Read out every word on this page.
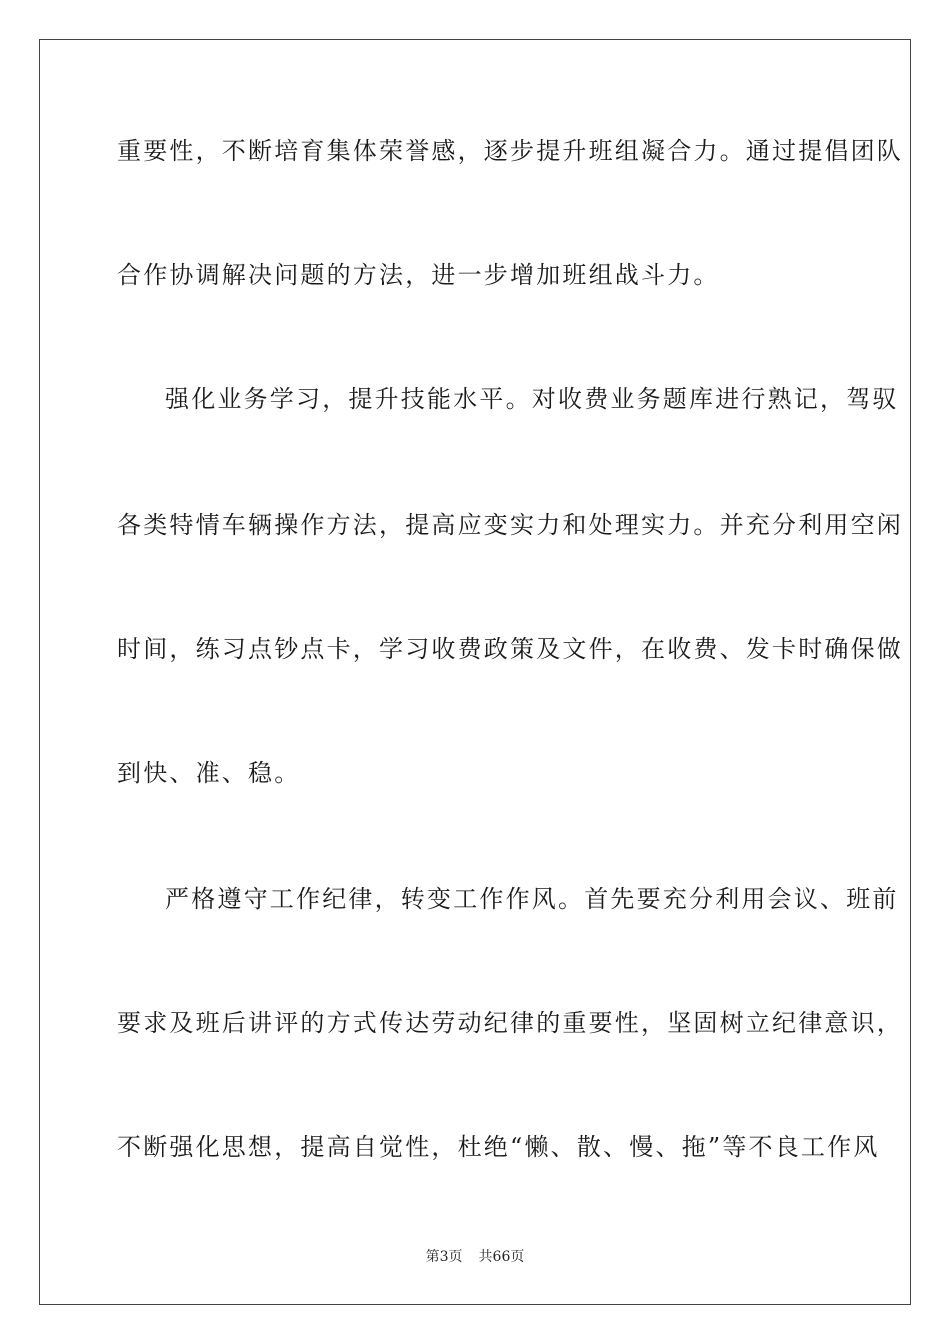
重要性，不断培育集体荣誉感，逐步提升班组凝合力。通过提倡团队
合作协调解决问题的方法，进一步增加班组战斗力。
强化业务学习，提升技能水平。对收费业务题库进行熟记，驾驭
各类特情车辆操作方法，提高应变实力和处理实力。并充分利用空闲
时间，练习点钞点卡，学习收费政策及文件，在收费、发卡时确保做
到快、准、稳。
严格遵守工作纪律，转变工作作风。首先要充分利用会议、班前
要求及班后讲评的方式传达劳动纪律的重要性，坚固树立纪律意识，
不断强化思想，提高自觉性，杜绝“懒、散、慢、拖”等不良工作风
第3页 共66页
